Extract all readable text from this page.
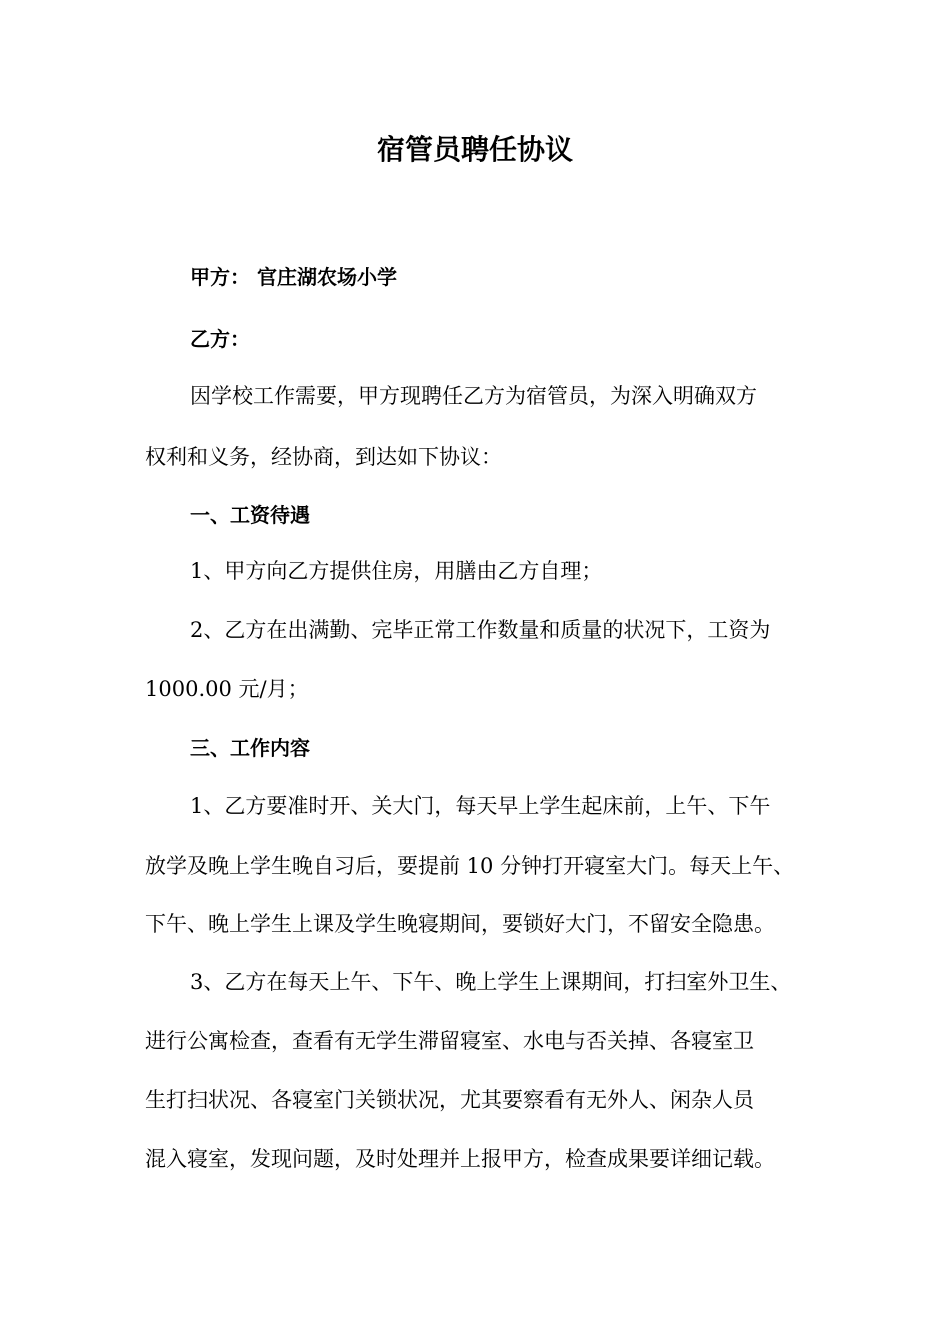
宿管员聘任协议
甲方： 官庄湖农场小学
乙方：
因学校工作需要，甲方现聘任乙方为宿管员，为深入明确双方
权利和义务，经协商，到达如下协议：
一、工资待遇
1、甲方向乙方提供住房，用膳由乙方自理；
2、乙方在出满勤、完毕正常工作数量和质量的状况下，工资为
1000.00 元/月；
三、工作内容
1、乙方要准时开、关大门，每天早上学生起床前，上午、下午
放学及晚上学生晚自习后，要提前 10 分钟打开寝室大门。每天上午、
下午、晚上学生上课及学生晚寝期间，要锁好大门，不留安全隐患。
3、乙方在每天上午、下午、晚上学生上课期间，打扫室外卫生、
进行公寓检查，查看有无学生滞留寝室、水电与否关掉、各寝室卫
生打扫状况、各寝室门关锁状况，尤其要察看有无外人、闲杂人员
混入寝室，发现问题，及时处理并上报甲方，检查成果要详细记载。
